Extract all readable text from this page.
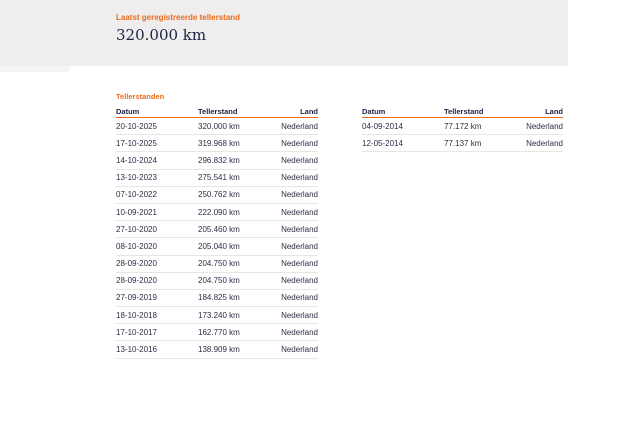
Laatst geregistreerde tellerstand
320.000 km
Tellerstanden
Datum	Tellerstand	Land
20-10-2025	320.000 km	Nederland
17-10-2025	319.968 km	Nederland
14-10-2024	296.832 km	Nederland
13-10-2023	275.541 km	Nederland
07-10-2022	250.762 km	Nederland
10-09-2021	222.090 km	Nederland
27-10-2020	205.460 km	Nederland
08-10-2020	205.040 km	Nederland
28-09-2020	204.750 km	Nederland
28-09-2020	204.750 km	Nederland
27-09-2019	184.825 km	Nederland
18-10-2018	173.240 km	Nederland
17-10-2017	162.770 km	Nederland
13-10-2016	138.909 km	Nederland
Datum	Tellerstand	Land
04-09-2014	77.172 km	Nederland
12-05-2014	77.137 km	Nederland
